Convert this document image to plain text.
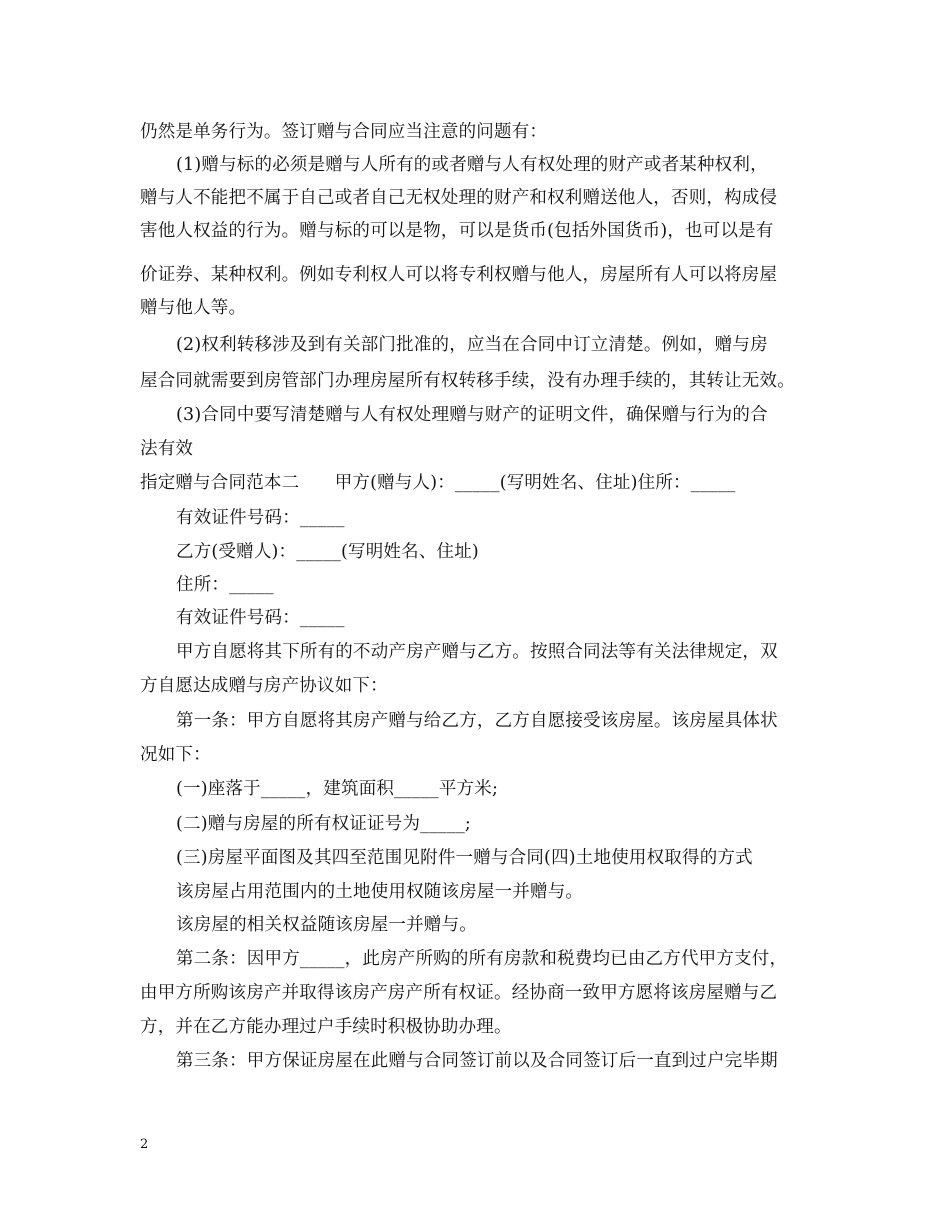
仍然是单务行为。签订赠与合同应当注意的问题有：
(1)赠与标的必须是赠与人所有的或者赠与人有权处理的财产或者某种权利，
赠与人不能把不属于自己或者自己无权处理的财产和权利赠送他人，否则，构成侵
害他人权益的行为。赠与标的可以是物，可以是货币(包括外国货币)，也可以是有
价证券、某种权利。例如专利权人可以将专利权赠与他人，房屋所有人可以将房屋
赠与他人等。
(2)权利转移涉及到有关部门批准的，应当在合同中订立清楚。例如，赠与房
屋合同就需要到房管部门办理房屋所有权转移手续，没有办理手续的，其转让无效。
(3)合同中要写清楚赠与人有权处理赠与财产的证明文件，确保赠与行为的合
法有效
指定赠与合同范本二　　甲方(赠与人)：_____(写明姓名、住址)住所：_____
有效证件号码：_____
乙方(受赠人)：_____(写明姓名、住址)
住所：_____
有效证件号码：_____
甲方自愿将其下所有的不动产房产赠与乙方。按照合同法等有关法律规定，双
方自愿达成赠与房产协议如下：
第一条：甲方自愿将其房产赠与给乙方，乙方自愿接受该房屋。该房屋具体状
况如下：
(一)座落于_____，建筑面积_____平方米;
(二)赠与房屋的所有权证证号为_____;
(三)房屋平面图及其四至范围见附件一赠与合同(四)土地使用权取得的方式
该房屋占用范围内的土地使用权随该房屋一并赠与。
该房屋的相关权益随该房屋一并赠与。
第二条：因甲方_____，此房产所购的所有房款和税费均已由乙方代甲方支付，
由甲方所购该房产并取得该房产房产所有权证。经协商一致甲方愿将该房屋赠与乙
方，并在乙方能办理过户手续时积极协助办理。
第三条：甲方保证房屋在此赠与合同签订前以及合同签订后一直到过户完毕期
2
